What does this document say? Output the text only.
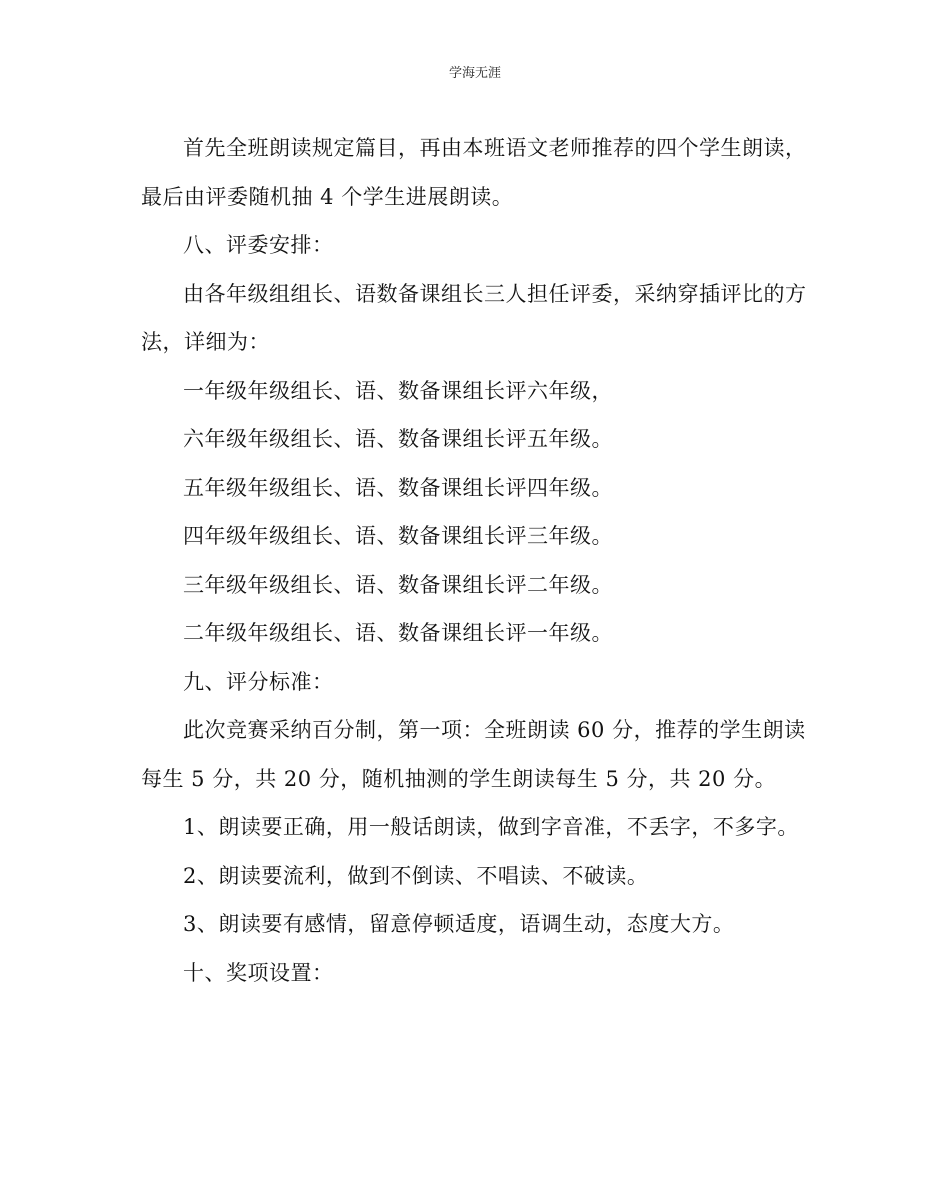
学海无涯

首先全班朗读规定篇目，再由本班语文老师推荐的四个学生朗读，最后由评委随机抽 4 个学生进展朗读。

八、评委安排：

由各年级组组长、语数备课组长三人担任评委，采纳穿插评比的方法，详细为：

一年级年级组长、语、数备课组长评六年级，

六年级年级组长、语、数备课组长评五年级。

五年级年级组长、语、数备课组长评四年级。

四年级年级组长、语、数备课组长评三年级。

三年级年级组长、语、数备课组长评二年级。

二年级年级组长、语、数备课组长评一年级。

九、评分标准：

此次竞赛采纳百分制，第一项：全班朗读 60 分，推荐的学生朗读每生 5 分，共 20 分，随机抽测的学生朗读每生 5 分，共 20 分。

1、朗读要正确，用一般话朗读，做到字音准，不丢字，不多字。

2、朗读要流利，做到不倒读、不唱读、不破读。

3、朗读要有感情，留意停顿适度，语调生动，态度大方。

十、奖项设置：
